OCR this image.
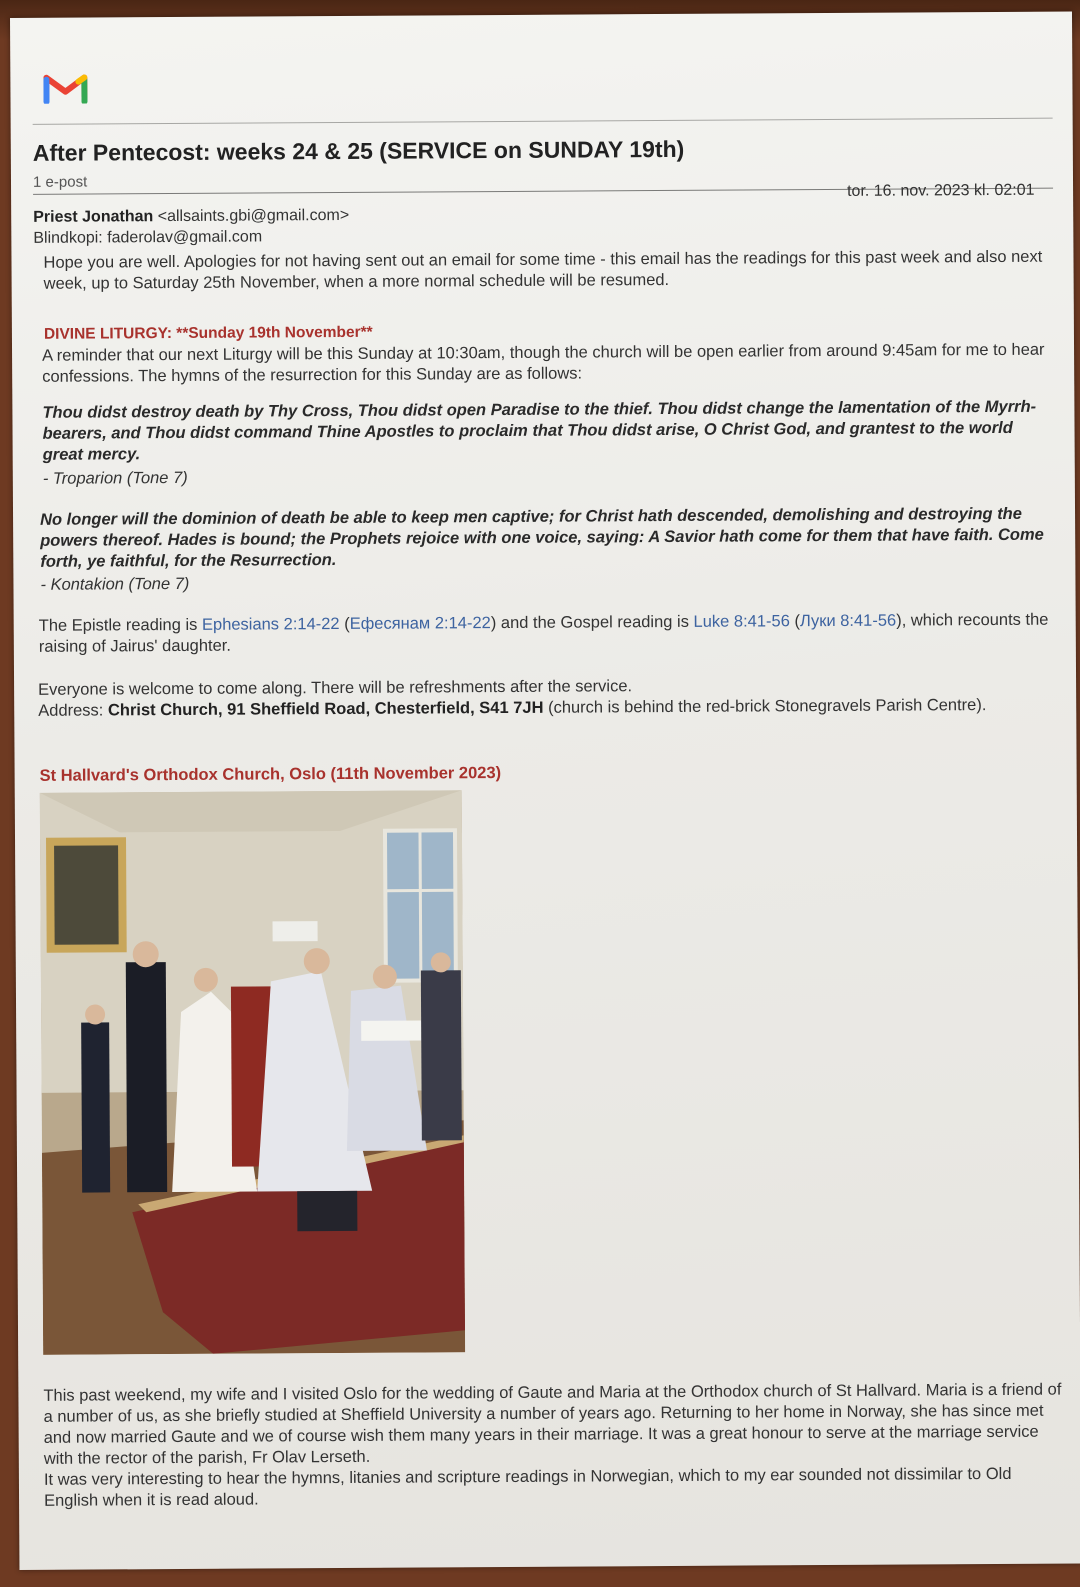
After Pentecost: weeks 24 & 25 (SERVICE on SUNDAY 19th)
1 e-post	tor. 16. nov. 2023 kl. 02:01
Priest Jonathan <allsaints.gbi@gmail.com>
Blindkopi: faderolav@gmail.com
Hope you are well. Apologies for not having sent out an email for some time - this email has the readings for this past week and also next week, up to Saturday 25th November, when a more normal schedule will be resumed.
DIVINE LITURGY: **Sunday 19th November**
A reminder that our next Liturgy will be this Sunday at 10:30am, though the church will be open earlier from around 9:45am for me to hear confessions. The hymns of the resurrection for this Sunday are as follows:
Thou didst destroy death by Thy Cross, Thou didst open Paradise to the thief. Thou didst change the lamentation of the Myrrh-bearers, and Thou didst command Thine Apostles to proclaim that Thou didst arise, O Christ God, and grantest to the world great mercy.
- Troparion (Tone 7)
No longer will the dominion of death be able to keep men captive; for Christ hath descended, demolishing and destroying the powers thereof. Hades is bound; the Prophets rejoice with one voice, saying: A Savior hath come for them that have faith. Come forth, ye faithful, for the Resurrection.
- Kontakion (Tone 7)
The Epistle reading is Ephesians 2:14-22 (Ефесянам 2:14-22) and the Gospel reading is Luke 8:41-56 (Луки 8:41-56), which recounts the raising of Jairus' daughter.
Everyone is welcome to come along. There will be refreshments after the service.
Address: Christ Church, 91 Sheffield Road, Chesterfield, S41 7JH (church is behind the red-brick Stonegravels Parish Centre).
St Hallvard's Orthodox Church, Oslo (11th November 2023)
This past weekend, my wife and I visited Oslo for the wedding of Gaute and Maria at the Orthodox church of St Hallvard. Maria is a friend of a number of us, as she briefly studied at Sheffield University a number of years ago. Returning to her home in Norway, she has since met and now married Gaute and we of course wish them many years in their marriage. It was a great honour to serve at the marriage service with the rector of the parish, Fr Olav Lerseth.
It was very interesting to hear the hymns, litanies and scripture readings in Norwegian, which to my ear sounded not dissimilar to Old English when it is read aloud.
